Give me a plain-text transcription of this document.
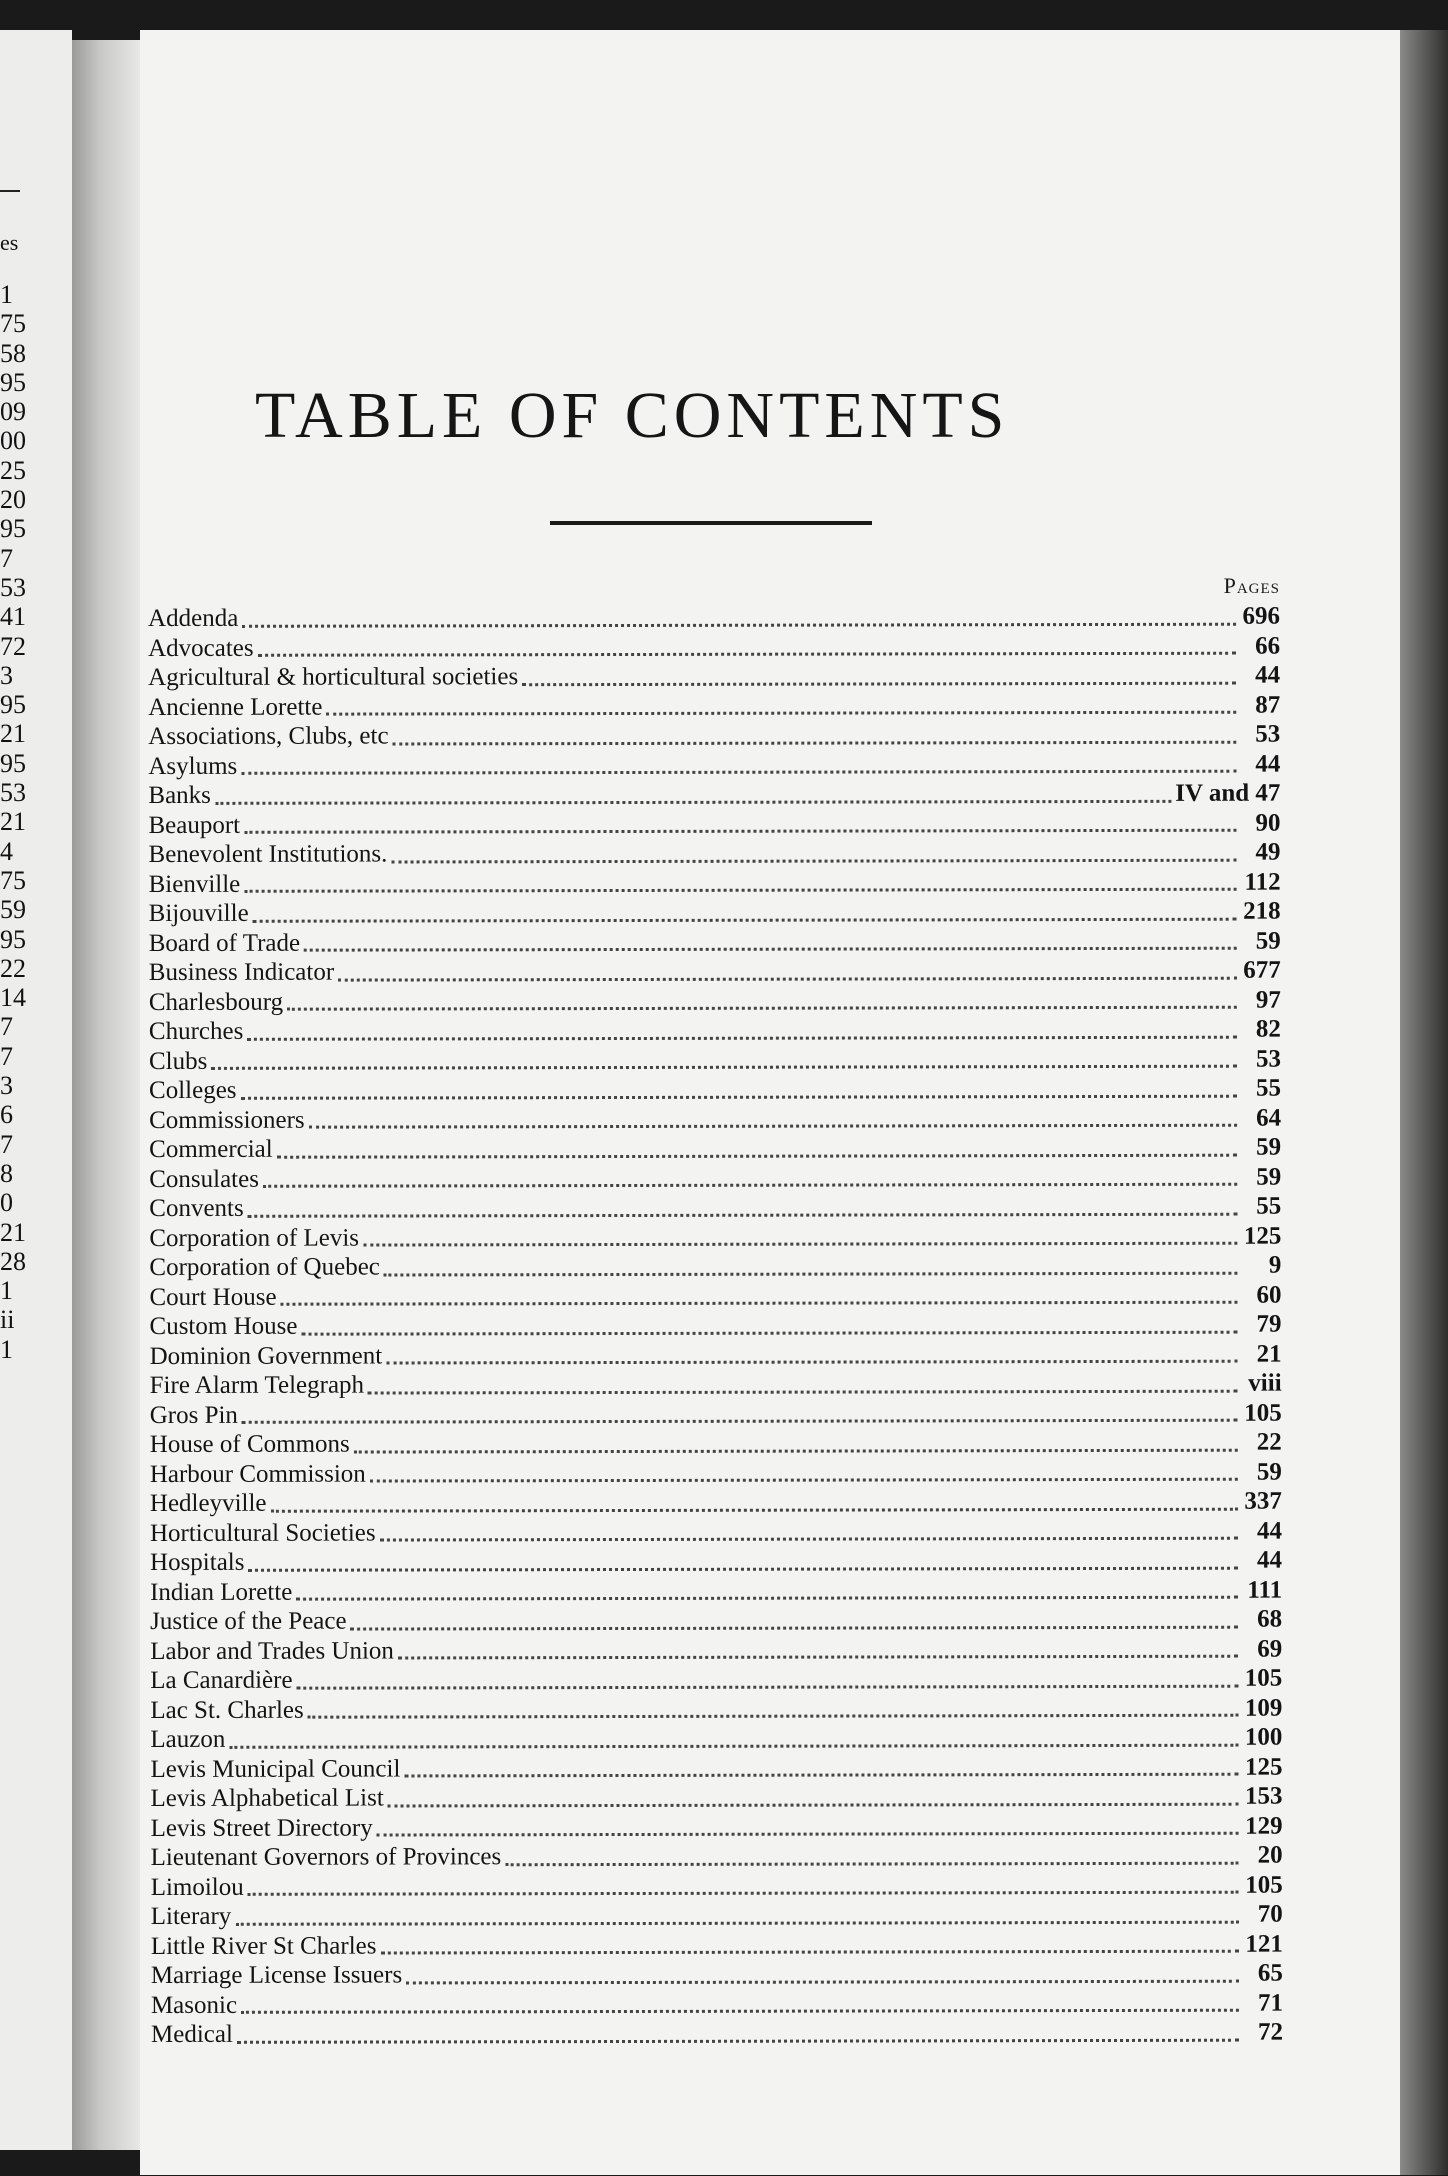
es
1
75
58
95
09
00
25
20
95
7
53
41
72
3
95
21
95
53
21
4
75
59
95
22
14
7
7
3
6
7
8
0
21
28
1
ii
1
TABLE OF CONTENTS
Pages
Addenda	696
Advocates	66
Agricultural & horticultural societies	44
Ancienne Lorette	87
Associations, Clubs, etc	53
Asylums	44
Banks	IV and 47
Beauport	90
Benevolent Institutions.	49
Bienville	112
Bijouville	218
Board of Trade	59
Business Indicator	677
Charlesbourg	97
Churches	82
Clubs	53
Colleges	55
Commissioners	64
Commercial	59
Consulates	59
Convents	55
Corporation of Levis	125
Corporation of Quebec	9
Court House	60
Custom House	79
Dominion Government	21
Fire Alarm Telegraph	viii
Gros Pin	105
House of Commons	22
Harbour Commission	59
Hedleyville	337
Horticultural Societies	44
Hospitals	44
Indian Lorette	111
Justice of the Peace	68
Labor and Trades Union	69
La Canardière	105
Lac St. Charles	109
Lauzon	100
Levis Municipal Council	125
Levis Alphabetical List	153
Levis Street Directory	129
Lieutenant Governors of Provinces	20
Limoilou	105
Literary	70
Little River St Charles	121
Marriage License Issuers	65
Masonic	71
Medical	72
